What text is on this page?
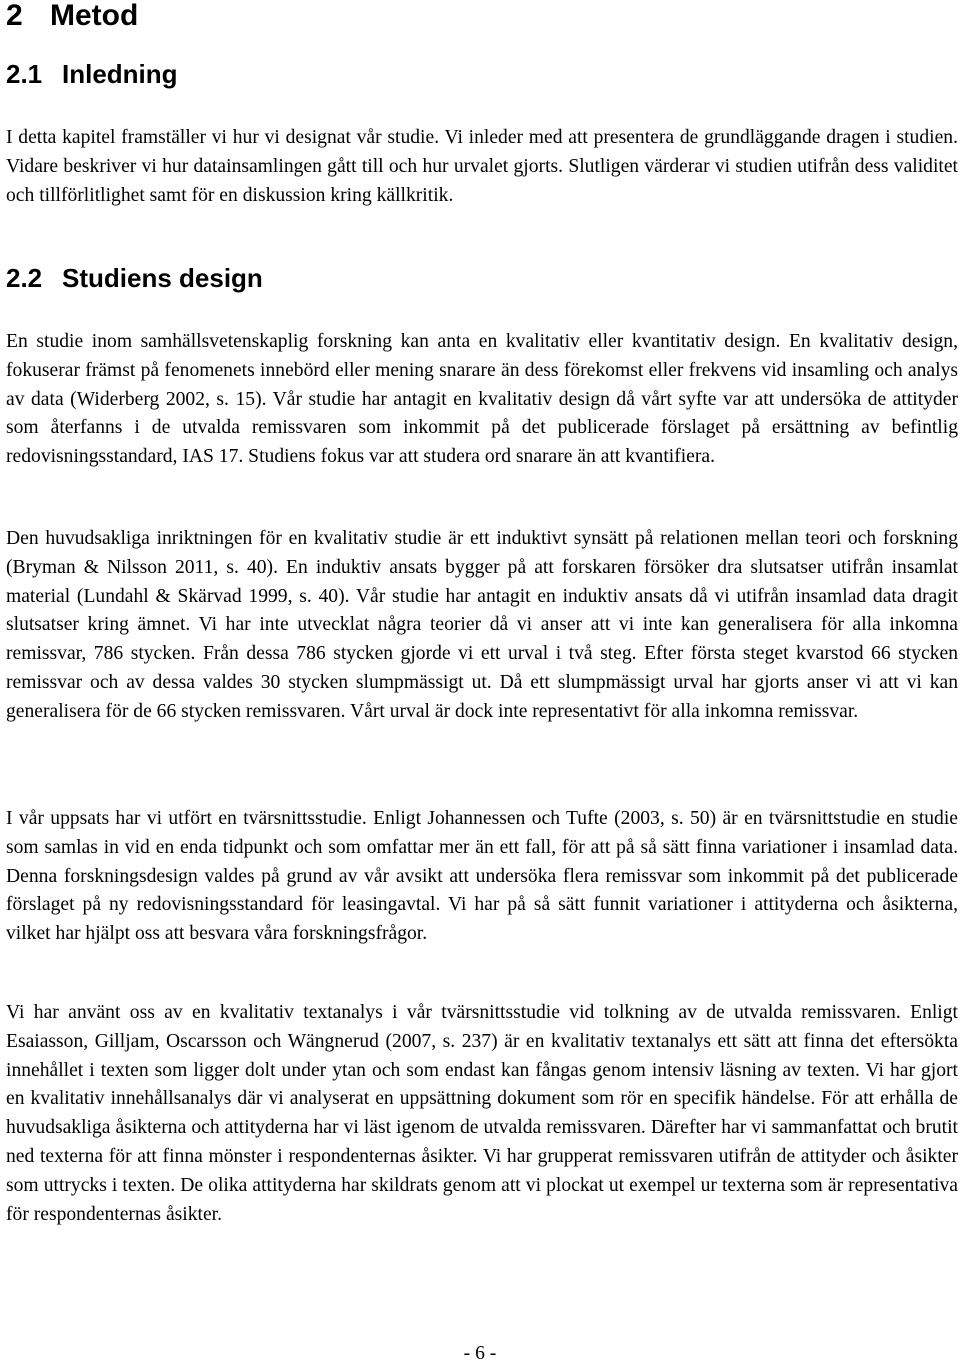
2 Metod
2.1 Inledning

I detta kapitel framställer vi hur vi designat vår studie. Vi inleder med att presentera de grundläggande dragen i studien. Vidare beskriver vi hur datainsamlingen gått till och hur urvalet gjorts. Slutligen värderar vi studien utifrån dess validitet och tillförlitlighet samt för en diskussion kring källkritik.

2.2 Studiens design

En studie inom samhällsvetenskaplig forskning kan anta en kvalitativ eller kvantitativ design. En kvalitativ design, fokuserar främst på fenomenets innebörd eller mening snarare än dess förekomst eller frekvens vid insamling och analys av data (Widerberg 2002, s. 15). Vår studie har antagit en kvalitativ design då vårt syfte var att undersöka de attityder som återfanns i de utvalda remissvaren som inkommit på det publicerade förslaget på ersättning av befintlig redovisningsstandard, IAS 17. Studiens fokus var att studera ord snarare än att kvantifiera.

Den huvudsakliga inriktningen för en kvalitativ studie är ett induktivt synsätt på relationen mellan teori och forskning (Bryman & Nilsson 2011, s. 40). En induktiv ansats bygger på att forskaren försöker dra slutsatser utifrån insamlat material (Lundahl & Skärvad 1999, s. 40). Vår studie har antagit en induktiv ansats då vi utifrån insamlad data dragit slutsatser kring ämnet. Vi har inte utvecklat några teorier då vi anser att vi inte kan generalisera för alla inkomna remissvar, 786 stycken. Från dessa 786 stycken gjorde vi ett urval i två steg. Efter första steget kvarstod 66 stycken remissvar och av dessa valdes 30 stycken slumpmässigt ut. Då ett slumpmässigt urval har gjorts anser vi att vi kan generalisera för de 66 stycken remissvaren. Vårt urval är dock inte representativt för alla inkomna remissvar.

I vår uppsats har vi utfört en tvärsnittsstudie. Enligt Johannessen och Tufte (2003, s. 50) är en tvärsnittstudie en studie som samlas in vid en enda tidpunkt och som omfattar mer än ett fall, för att på så sätt finna variationer i insamlad data. Denna forskningsdesign valdes på grund av vår avsikt att undersöka flera remissvar som inkommit på det publicerade förslaget på ny redovisningsstandard för leasingavtal. Vi har på så sätt funnit variationer i attityderna och åsikterna, vilket har hjälpt oss att besvara våra forskningsfrågor.

Vi har använt oss av en kvalitativ textanalys i vår tvärsnittsstudie vid tolkning av de utvalda remissvaren. Enligt Esaiasson, Gilljam, Oscarsson och Wängnerud (2007, s. 237) är en kvalitativ textanalys ett sätt att finna det eftersökta innehållet i texten som ligger dolt under ytan och som endast kan fångas genom intensiv läsning av texten. Vi har gjort en kvalitativ innehållsanalys där vi analyserat en uppsättning dokument som rör en specifik händelse. För att erhålla de huvudsakliga åsikterna och attityderna har vi läst igenom de utvalda remissvaren. Därefter har vi sammanfattat och brutit ned texterna för att finna mönster i respondenternas åsikter. Vi har grupperat remissvaren utifrån de attityder och åsikter som uttrycks i texten. De olika attityderna har skildrats genom att vi plockat ut exempel ur texterna som är representativa för respondenternas åsikter.

- 6 -
